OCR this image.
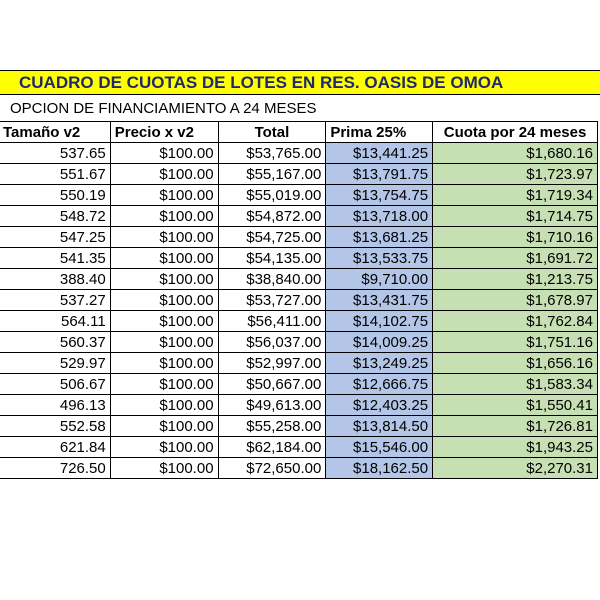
CUADRO DE CUOTAS DE LOTES EN RES. OASIS DE OMOA
OPCION DE FINANCIAMIENTO A 24 MESES
Tamaño v2	Precio x v2	Total	Prima 25%	Cuota por 24 meses
537.65	$100.00	$53,765.00	$13,441.25	$1,680.16
551.67	$100.00	$55,167.00	$13,791.75	$1,723.97
550.19	$100.00	$55,019.00	$13,754.75	$1,719.34
548.72	$100.00	$54,872.00	$13,718.00	$1,714.75
547.25	$100.00	$54,725.00	$13,681.25	$1,710.16
541.35	$100.00	$54,135.00	$13,533.75	$1,691.72
388.40	$100.00	$38,840.00	$9,710.00	$1,213.75
537.27	$100.00	$53,727.00	$13,431.75	$1,678.97
564.11	$100.00	$56,411.00	$14,102.75	$1,762.84
560.37	$100.00	$56,037.00	$14,009.25	$1,751.16
529.97	$100.00	$52,997.00	$13,249.25	$1,656.16
506.67	$100.00	$50,667.00	$12,666.75	$1,583.34
496.13	$100.00	$49,613.00	$12,403.25	$1,550.41
552.58	$100.00	$55,258.00	$13,814.50	$1,726.81
621.84	$100.00	$62,184.00	$15,546.00	$1,943.25
726.50	$100.00	$72,650.00	$18,162.50	$2,270.31
